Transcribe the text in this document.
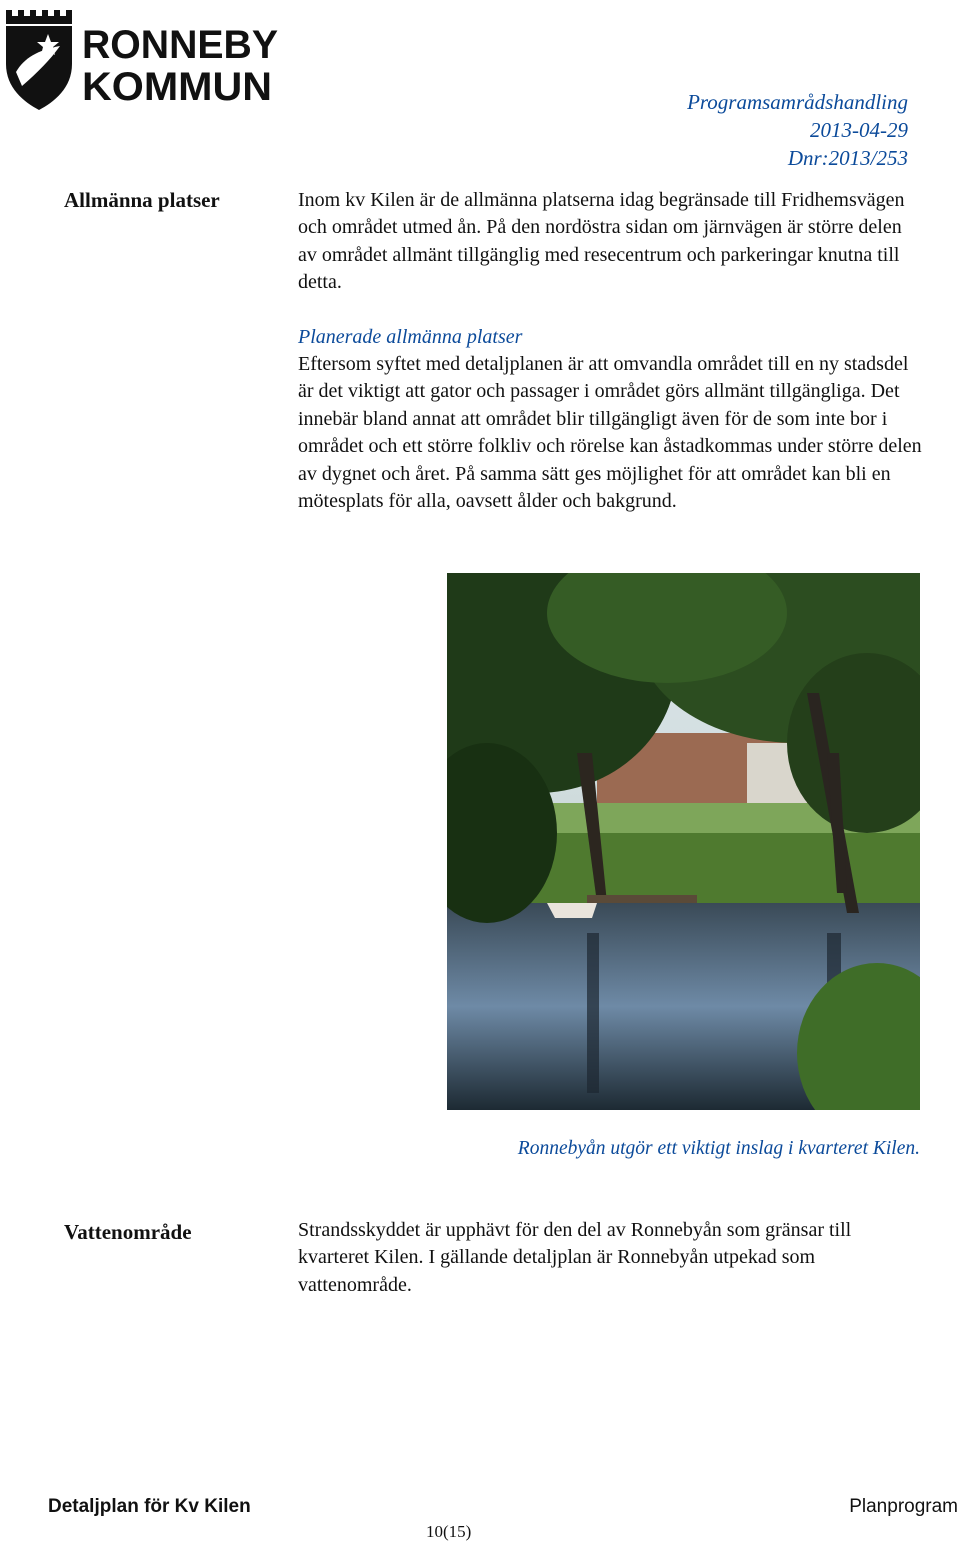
RONNEBY
KOMMUN	Programsamrådshandling
2013-04-29
Dnr:2013/253
Allmänna platser	Inom kv Kilen är de allmänna platserna idag begränsade till Fridhemsvägen och området utmed ån. På den nordöstra sidan om järnvägen är större delen av området allmänt tillgänglig med resecentrum och parkeringar knutna till detta.

Planerade allmänna platser

Eftersom syftet med detaljplanen är att omvandla området till en ny stadsdel är det viktigt att gator och passager i området görs allmänt tillgängliga. Det innebär bland annat att området blir tillgängligt även för de som inte bor i området och ett större folkliv och rörelse kan åstadkommas under större delen av dygnet och året. På samma sätt ges möjlighet för att området kan bli en mötesplats för alla, oavsett ålder och bakgrund.

Ronnebyån utgör ett viktigt inslag i kvarteret Kilen.
Vattenområde	Strandsskyddet är upphävt för den del av Ronnebyån som gränsar till kvarteret Kilen. I gällande detaljplan är Ronnebyån utpekad som vattenområde.

Detaljplan för Kv Kilen	Planprogram
10(15)
